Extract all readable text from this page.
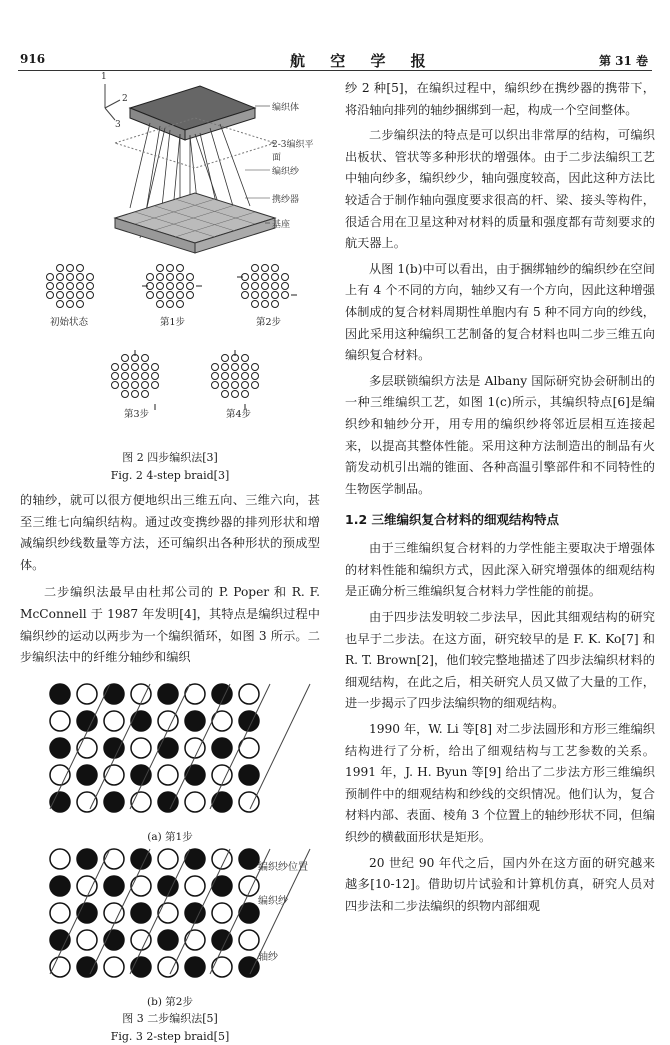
916	航 空 学 报	第 31 卷
1
2
3
编织体
2-3编织平面
编织纱
携纱器
基座
初始状态	第1步	第2步
第3步	第4步

图 2 四步编织法[3]

Fig. 2 4-step braid[3]

的轴纱，就可以很方便地织出三维五向、三维六向，甚至三维七向编织结构。通过改变携纱器的排列形状和增减编织纱线数量等方法，还可编织出各种形状的预成型体。

二步编织法最早由杜邦公司的 P. Poper 和 R. F. McConnell 于 1987 年发明[4]，其特点是编织过程中编织纱的运动以两步为一个编织循环，如图 3 所示。二步编织法中的纤维分轴纱和编织

(a) 第1步

编织纱位置
编织纱
轴纱

(b) 第2步

图 3 二步编织法[5]

Fig. 3 2-step braid[5]

纱 2 种[5]，在编织过程中，编织纱在携纱器的携带下，将沿轴向排列的轴纱捆绑到一起，构成一个空间整体。

二步编织法的特点是可以织出非常厚的结构，可编织出板状、管状等多种形状的增强体。由于二步法编织工艺中轴向纱多，编织纱少，轴向强度较高，因此这种方法比较适合于制作轴向强度要求很高的杆、梁、接头等构件，很适合用在卫星这种对材料的质量和强度都有苛刻要求的航天器上。

从图 1(b)中可以看出，由于捆绑轴纱的编织纱在空间上有 4 个不同的方向，轴纱又有一个方向，因此这种增强体制成的复合材料周期性单胞内有 5 种不同方向的纱线，因此采用这种编织工艺制备的复合材料也叫二步三维五向编织复合材料。

多层联锁编织方法是 Albany 国际研究协会研制出的一种三维编织工艺，如图 1(c)所示，其编织特点[6]是编织纱和轴纱分开，用专用的编织纱将邻近层相互连接起来，以提高其整体性能。采用这种方法制造出的制品有火箭发动机引出端的锥面、各种高温引擎部件和不同特性的生物医学制品。

1.2 三维编织复合材料的细观结构特点

由于三维编织复合材料的力学性能主要取决于增强体的材料性能和编织方式，因此深入研究增强体的细观结构是正确分析三维编织复合材料力学性能的前提。

由于四步法发明较二步法早，因此其细观结构的研究也早于二步法。在这方面，研究较早的是 F. K. Ko[7] 和 R. T. Brown[2]，他们较完整地描述了四步法编织材料的细观结构，在此之后，相关研究人员又做了大量的工作，进一步揭示了四步法编织物的细观结构。

1990 年，W. Li 等[8] 对二步法圆形和方形三维编织结构进行了分析，给出了细观结构与工艺参数的关系。1991 年，J. H. Byun 等[9] 给出了二步法方形三维编织预制件中的细观结构和纱线的交织情况。他们认为，复合材料内部、表面、棱角 3 个位置上的轴纱形状不同，但编织纱的横截面形状是矩形。

20 世纪 90 年代之后，国内外在这方面的研究越来越多[10-12]。借助切片试验和计算机仿真，研究人员对四步法和二步法编织的织物内部细观
